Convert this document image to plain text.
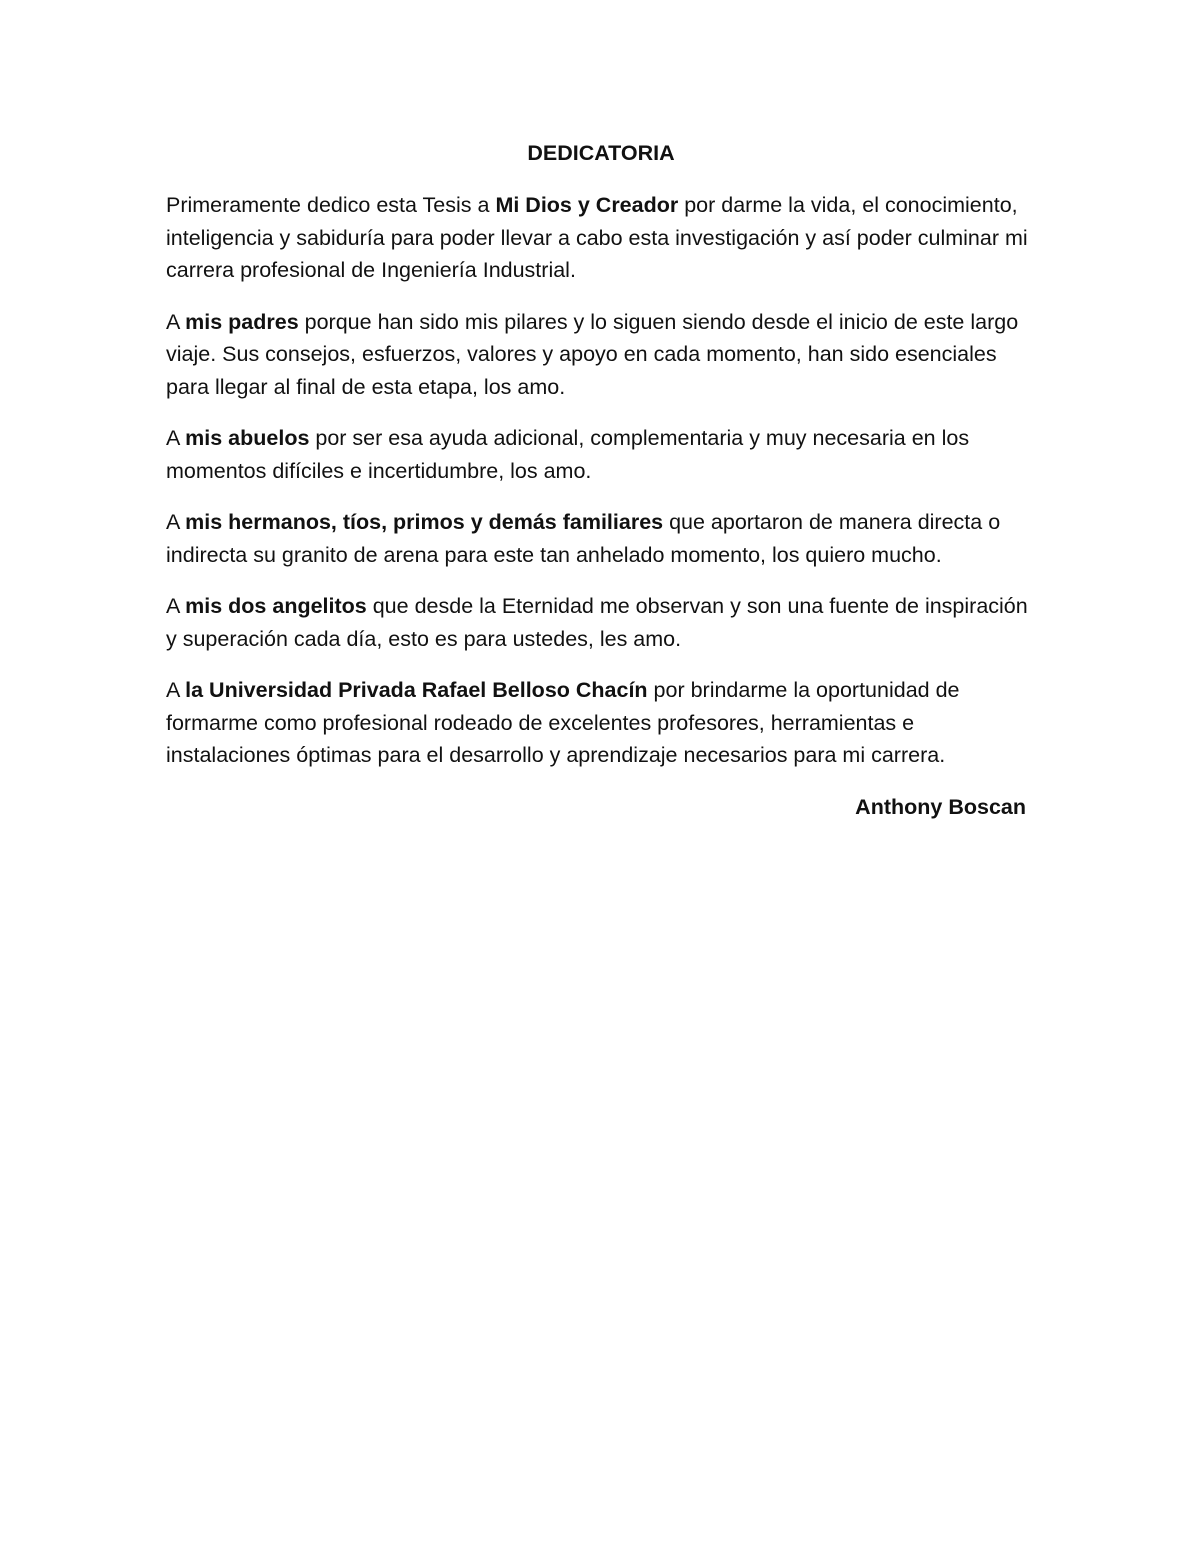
DEDICATORIA

Primeramente dedico esta Tesis a Mi Dios y Creador por darme la vida, el conocimiento, inteligencia y sabiduría para poder llevar a cabo esta investigación y así poder culminar mi carrera profesional de Ingeniería Industrial.

A mis padres porque han sido mis pilares y lo siguen siendo desde el inicio de este largo viaje. Sus consejos, esfuerzos, valores y apoyo en cada momento, han sido esenciales para llegar al final de esta etapa, los amo.

A mis abuelos por ser esa ayuda adicional, complementaria y muy necesaria en los momentos difíciles e incertidumbre, los amo.

A mis hermanos, tíos, primos y demás familiares que aportaron de manera directa o indirecta su granito de arena para este tan anhelado momento, los quiero mucho.

A mis dos angelitos que desde la Eternidad me observan y son una fuente de inspiración y superación cada día, esto es para ustedes, les amo.

A la Universidad Privada Rafael Belloso Chacín por brindarme la oportunidad de formarme como profesional rodeado de excelentes profesores, herramientas e instalaciones óptimas para el desarrollo y aprendizaje necesarios para mi carrera.

Anthony Boscan
